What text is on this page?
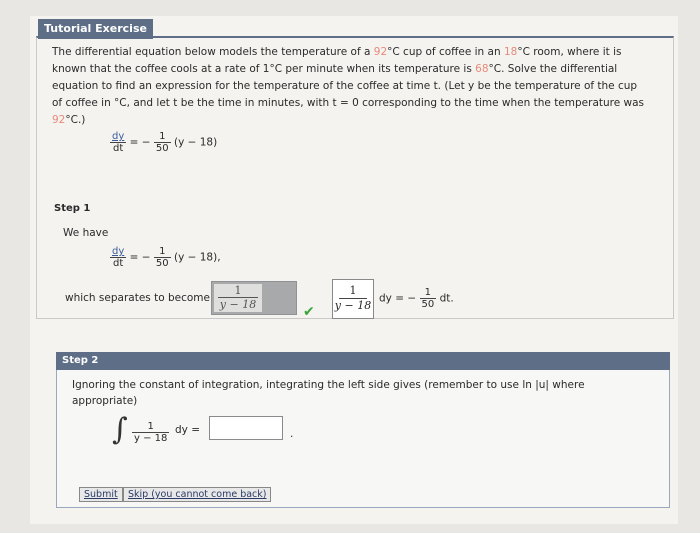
Tutorial Exercise
The differential equation below models the temperature of a 92°C cup of coffee in an 18°C room, where it is known that the coffee cools at a rate of 1°C per minute when its temperature is 68°C. Solve the differential equation to find an expression for the temperature of the coffee at time t. (Let y be the temperature of the cup of coffee in °C, and let t be the time in minutes, with t = 0 corresponding to the time when the temperature was 92°C.)
$\frac{dy}{dt}$ = − $\frac{1}{50} (y - 18)$
Step 1
We have
$\frac{dy}{dt}$ = − $\frac{1}{50} (y - 18)$,
which separates to become $\frac{1}{y - 18}$	✔ $\frac{1}{y - 18}$ dy = − $\frac{1}{50}$ dt.
Step 2
Ignoring the constant of integration, integrating the left side gives (remember to use ln |u| where appropriate)
∫ $\frac{1}{y - 18}$ dy =	.
Submit	Skip (you cannot come back)
